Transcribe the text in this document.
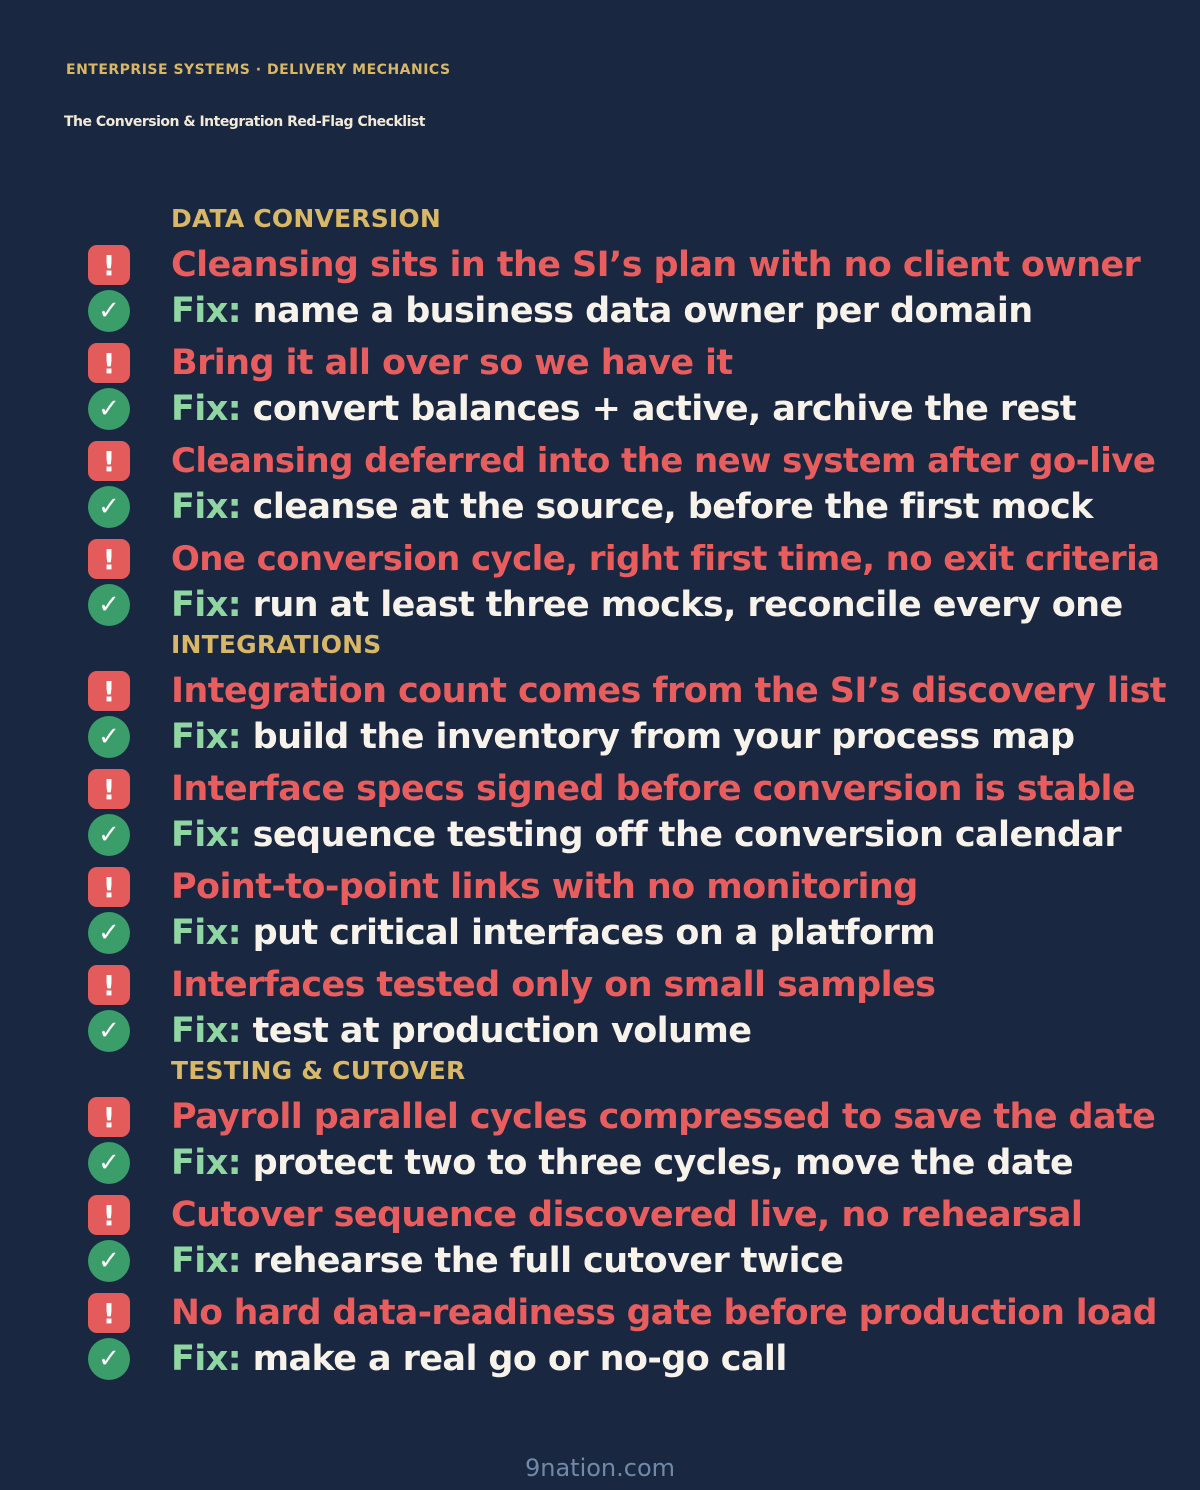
ENTERPRISE SYSTEMS · DELIVERY MECHANICS
The Conversion & Integration Red-Flag Checklist
DATA CONVERSION
!	Cleansing sits in the SI’s plan with no client owner
✓ Fix: name a business data owner per domain
!	Bring it all over so we have it
✓ Fix: convert balances + active, archive the rest
!	Cleansing deferred into the new system after go-live
✓ Fix: cleanse at the source, before the first mock
!	One conversion cycle, right first time, no exit criteria
✓ Fix: run at least three mocks, reconcile every one
INTEGRATIONS
!	Integration count comes from the SI’s discovery list
✓ Fix: build the inventory from your process map
!	Interface specs signed before conversion is stable
✓ Fix: sequence testing off the conversion calendar
!	Point-to-point links with no monitoring
✓ Fix: put critical interfaces on a platform
!	Interfaces tested only on small samples
✓ Fix: test at production volume
TESTING & CUTOVER
!	Payroll parallel cycles compressed to save the date
✓ Fix: protect two to three cycles, move the date
!	Cutover sequence discovered live, no rehearsal
✓ Fix: rehearse the full cutover twice
!	No hard data-readiness gate before production load
✓ Fix: make a real go or no-go call
9nation.com
